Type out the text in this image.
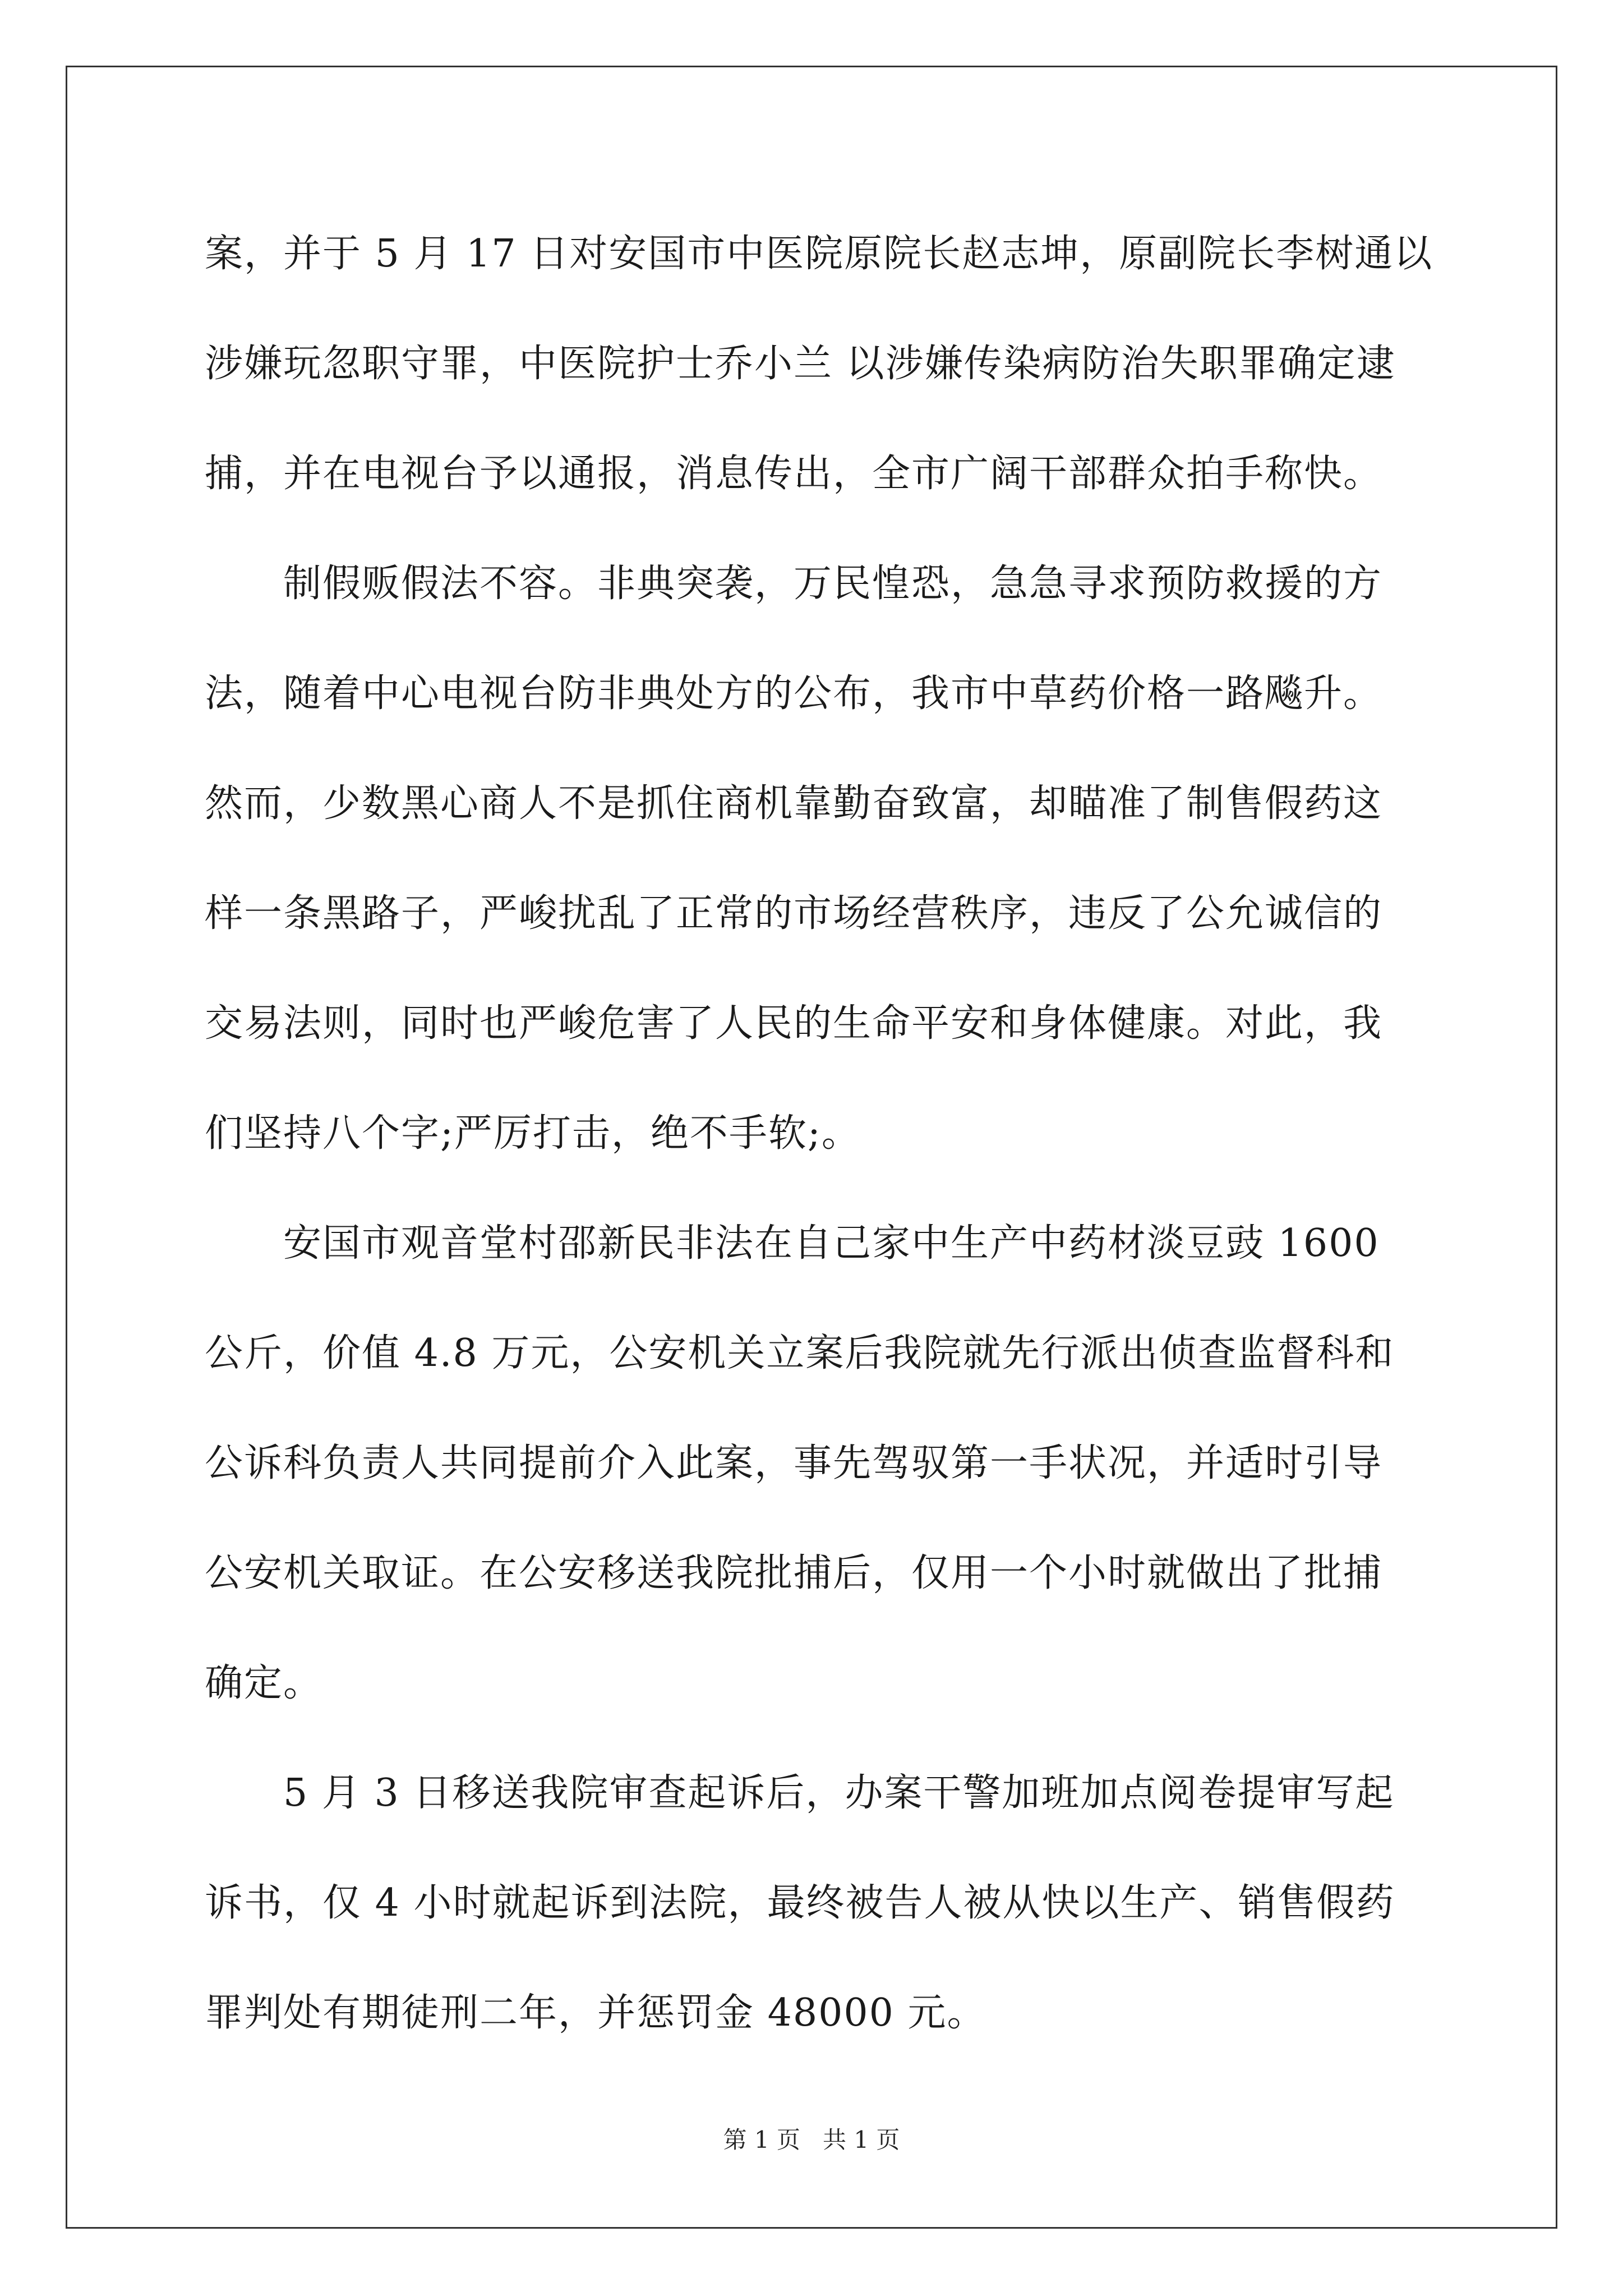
案，并于 5 月 17 日对安国市中医院原院长赵志坤，原副院长李树通以
涉嫌玩忽职守罪，中医院护士乔小兰 以涉嫌传染病防治失职罪确定逮
捕，并在电视台予以通报，消息传出，全市广阔干部群众拍手称快。
制假贩假法不容。非典突袭，万民惶恐，急急寻求预防救援的方
法，随着中心电视台防非典处方的公布，我市中草药价格一路飚升。
然而，少数黑心商人不是抓住商机靠勤奋致富，却瞄准了制售假药这
样一条黑路子，严峻扰乱了正常的市场经营秩序，违反了公允诚信的
交易法则，同时也严峻危害了人民的生命平安和身体健康。对此，我
们坚持八个字;严厉打击，绝不手软;。
安国市观音堂村邵新民非法在自己家中生产中药材淡豆豉 1600
公斤，价值 4.8 万元，公安机关立案后我院就先行派出侦查监督科和
公诉科负责人共同提前介入此案，事先驾驭第一手状况，并适时引导
公安机关取证。在公安移送我院批捕后，仅用一个小时就做出了批捕
确定。
5 月 3 日移送我院审查起诉后，办案干警加班加点阅卷提审写起
诉书，仅 4 小时就起诉到法院，最终被告人被从快以生产、销售假药
罪判处有期徒刑二年，并惩罚金 48000 元。
第 1 页 共 1 页
